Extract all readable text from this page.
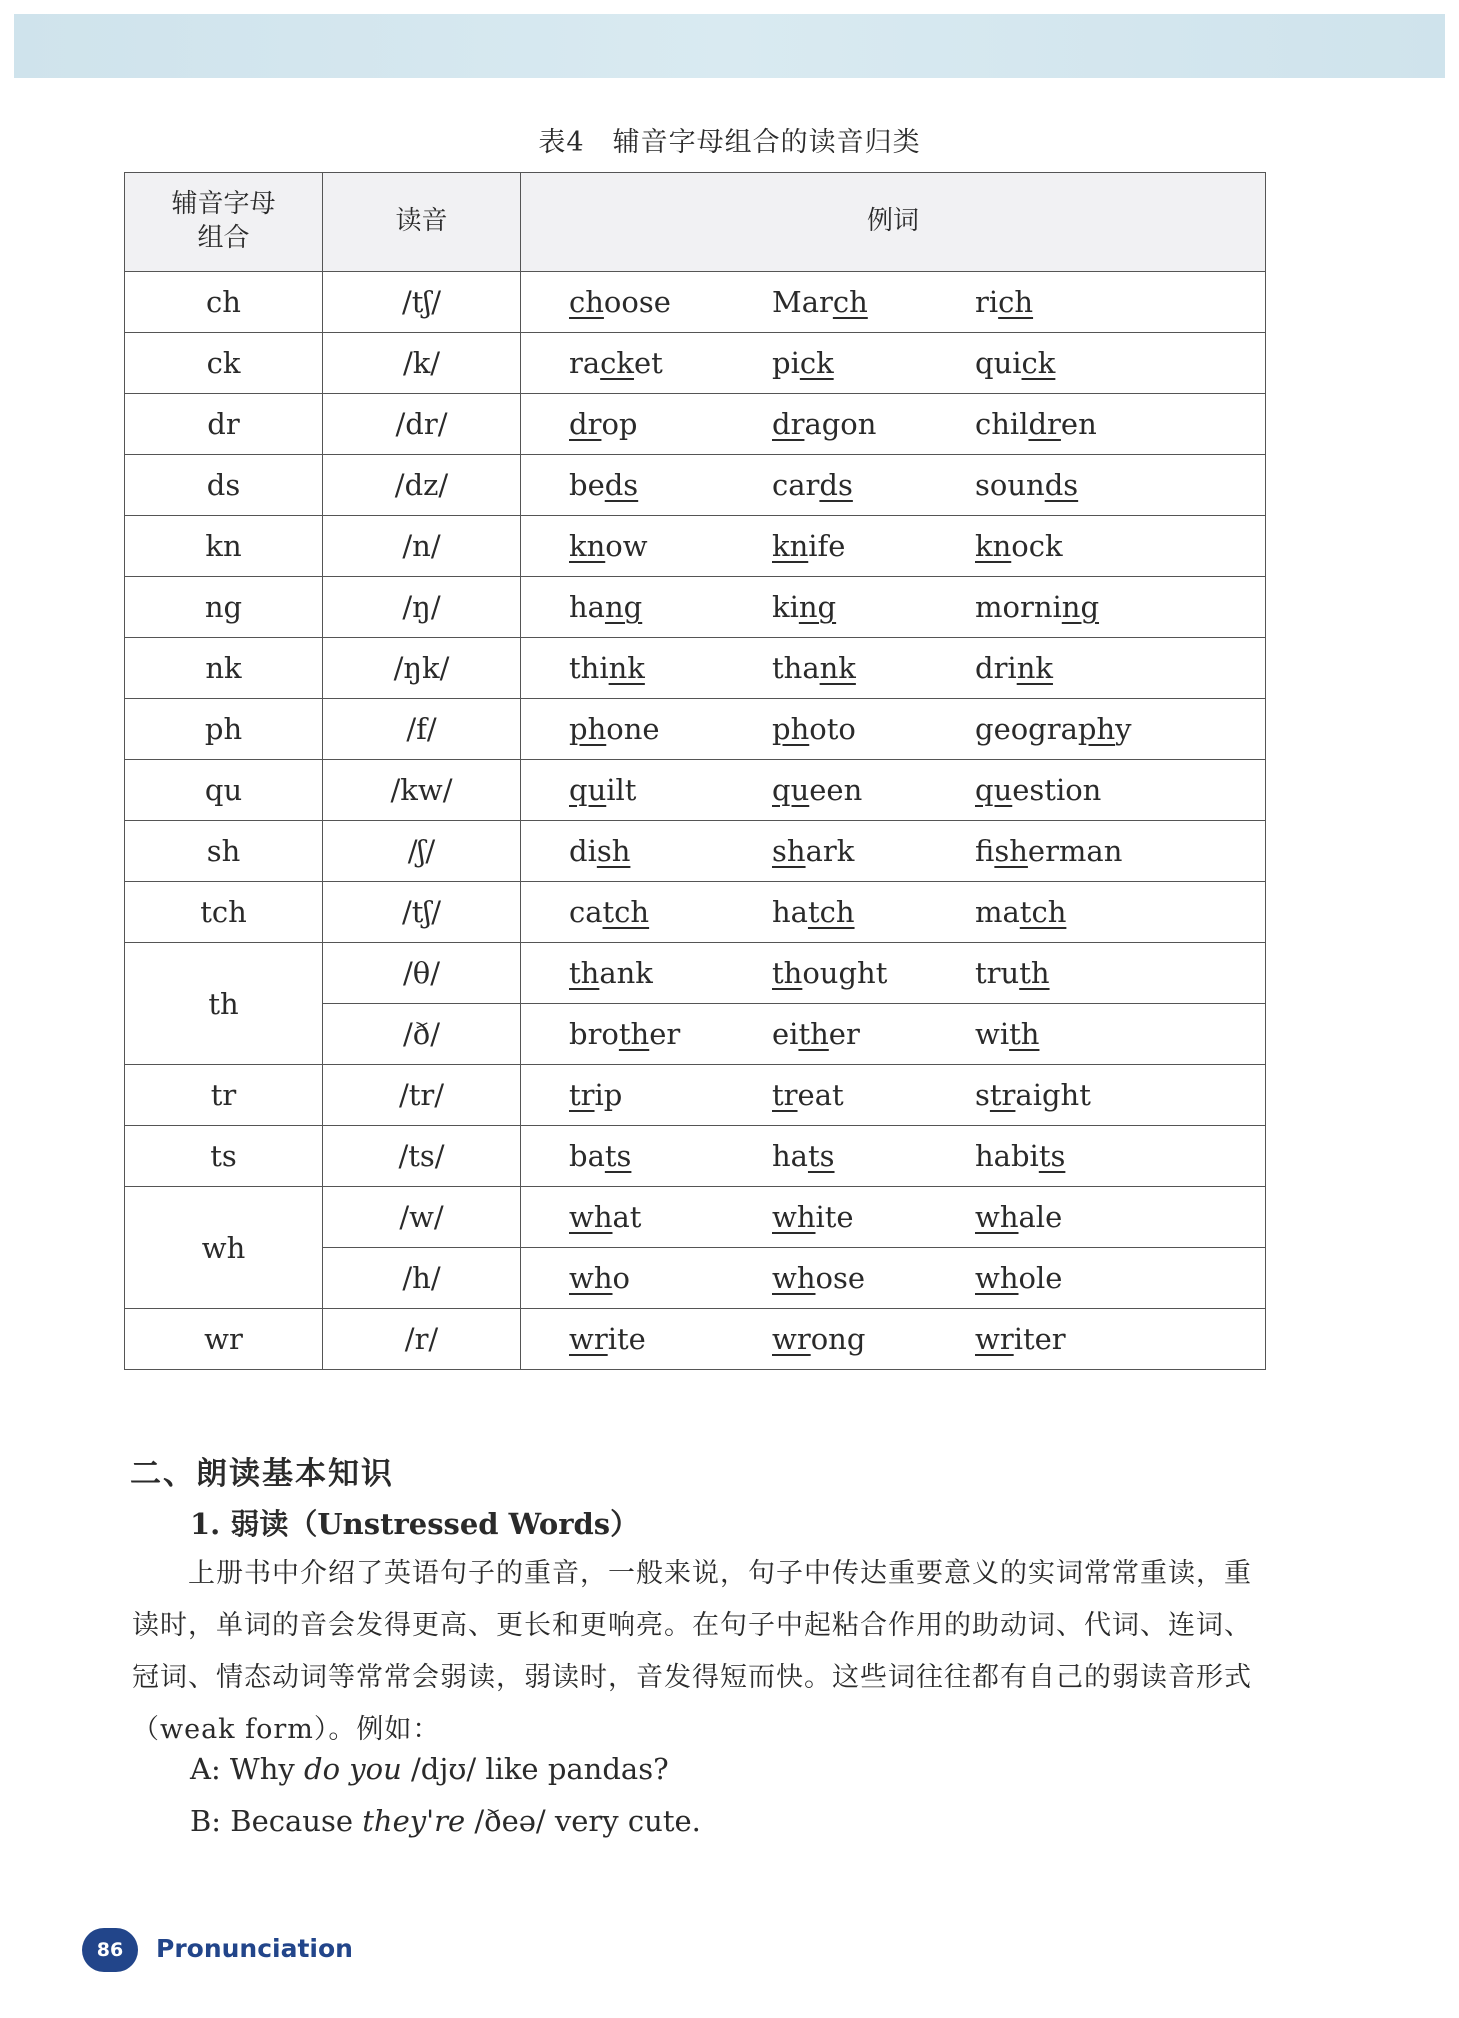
表4　辅音字母组合的读音归类
辅音字母组合	读音	例词
ch	/tʃ/	choose March rich

ck	/k/	racket pick quick

dr	/dr/	drop dragon children

ds	/dz/	beds cards sounds

kn	/n/	know knife knock

ng	/ŋ/	hang king morning

nk	/ŋk/	think thank drink

ph	/f/	phone photo geography

qu	/kw/	quilt queen question

sh	/ʃ/	dish shark fisherman

tch	/tʃ/	catch hatch match

th	/θ/	thank thought truth

	/ð/	brother either with

tr	/tr/	trip treat straight

ts	/ts/	bats hats habits

wh	/w/	what white whale

	/h/	who whose whole

wr	/r/	write wrong writer
二、朗读基本知识
1. 弱读（Unstressed Words）
上册书中介绍了英语句子的重音，一般来说，句子中传达重要意义的实词常常重读，重读时，单词的音会发得更高、更长和更响亮。在句子中起粘合作用的助动词、代词、连词、冠词、情态动词等常常会弱读，弱读时，音发得短而快。这些词往往都有自己的弱读音形式（weak form）。例如：
A: Why do you /djʊ/ like pandas?
B: Because they're /ðeə/ very cute.
86	Pronunciation
